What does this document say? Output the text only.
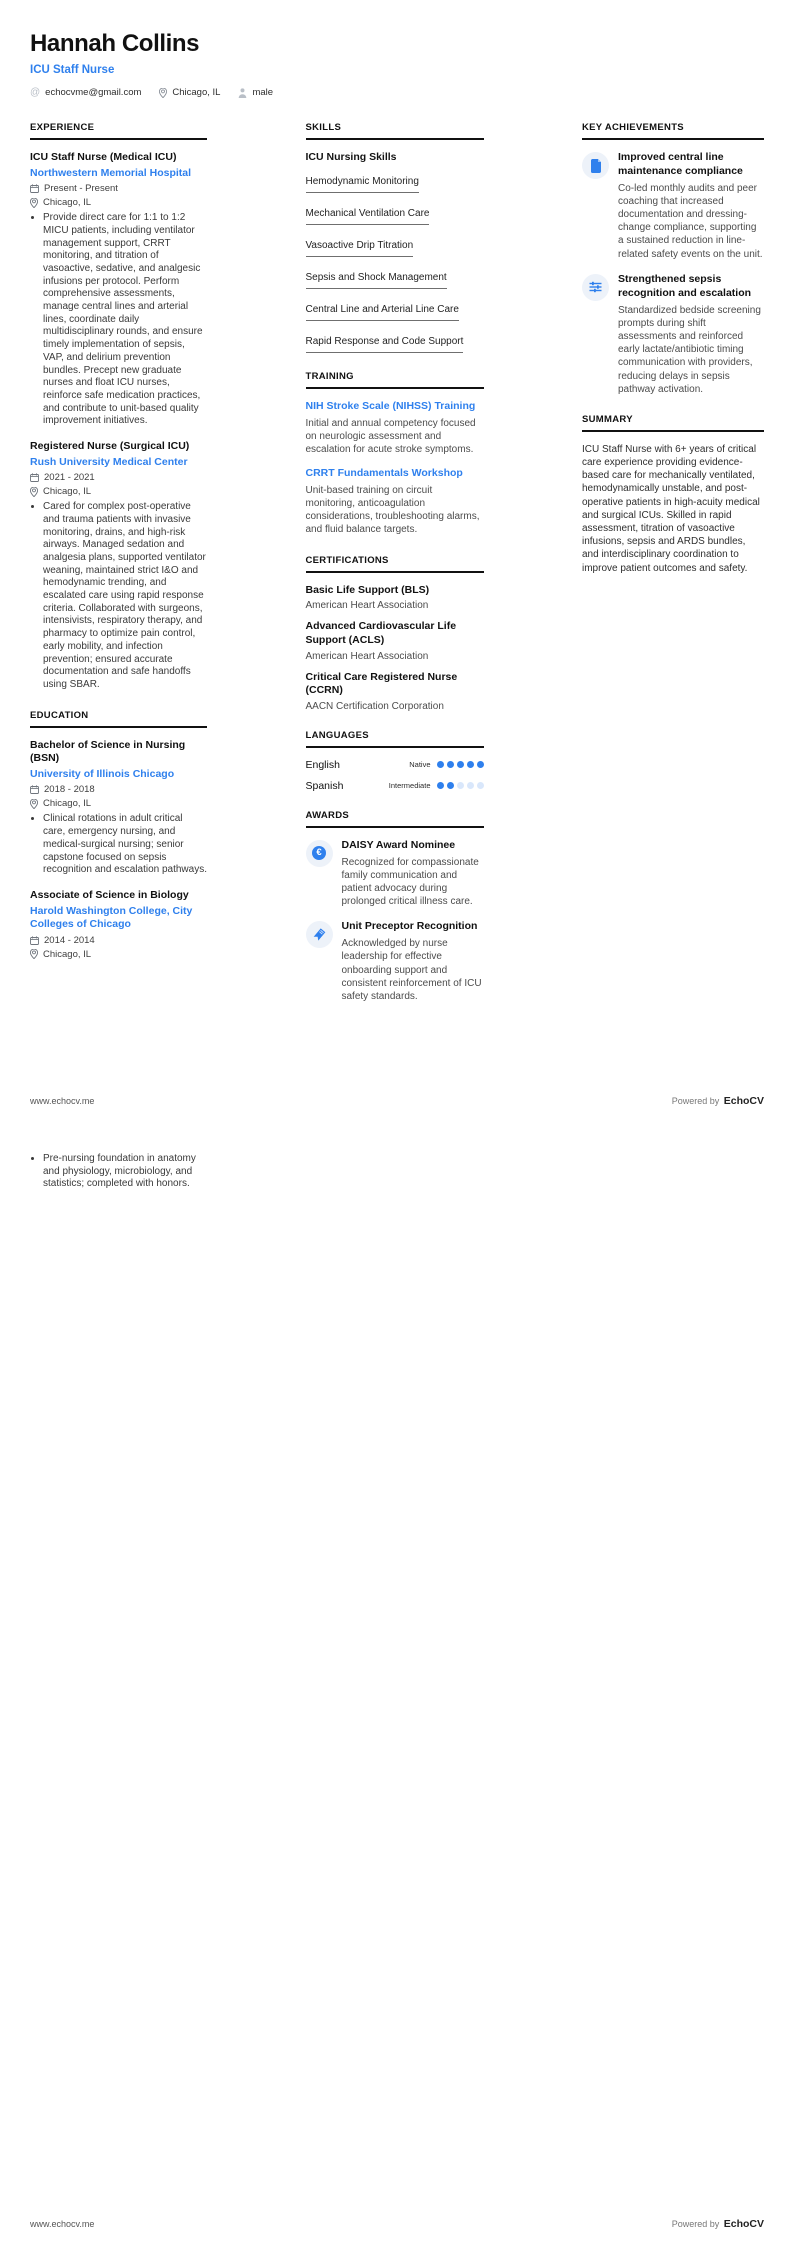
Hannah Collins
ICU Staff Nurse
@ echocvme@gmail.com	Chicago, IL	male
EXPERIENCE
ICU Staff Nurse (Medical ICU)
Northwestern Memorial Hospital
Present - Present
Chicago, IL
• Provide direct care for 1:1 to 1:2 MICU patients, including ventilator management support, CRRT monitoring, and titration of vasoactive, sedative, and analgesic infusions per protocol. Perform comprehensive assessments, manage central lines and arterial lines, coordinate daily multidisciplinary rounds, and ensure timely implementation of sepsis, VAP, and delirium prevention bundles. Precept new graduate nurses and float ICU nurses, reinforce safe medication practices, and contribute to unit-based quality improvement initiatives.
Registered Nurse (Surgical ICU)
Rush University Medical Center
2021 - 2021
Chicago, IL
• Cared for complex post-operative and trauma patients with invasive monitoring, drains, and high-risk airways. Managed sedation and analgesia plans, supported ventilator weaning, maintained strict I&O and hemodynamic trending, and escalated care using rapid response criteria. Collaborated with surgeons, intensivists, respiratory therapy, and pharmacy to optimize pain control, early mobility, and infection prevention; ensured accurate documentation and safe handoffs using SBAR.
EDUCATION
Bachelor of Science in Nursing (BSN)
University of Illinois Chicago
2018 - 2018
Chicago, IL
• Clinical rotations in adult critical care, emergency nursing, and medical-surgical nursing; senior capstone focused on sepsis recognition and escalation pathways.
Associate of Science in Biology
Harold Washington College, City Colleges of Chicago
2014 - 2014
Chicago, IL
SKILLS
ICU Nursing Skills
Hemodynamic Monitoring
Mechanical Ventilation Care
Vasoactive Drip Titration
Sepsis and Shock Management
Central Line and Arterial Line Care
Rapid Response and Code Support
TRAINING
NIH Stroke Scale (NIHSS) Training
Initial and annual competency focused on neurologic assessment and escalation for acute stroke symptoms.
CRRT Fundamentals Workshop
Unit-based training on circuit monitoring, anticoagulation considerations, troubleshooting alarms, and fluid balance targets.
CERTIFICATIONS
Basic Life Support (BLS)
American Heart Association
Advanced Cardiovascular Life Support (ACLS)
American Heart Association
Critical Care Registered Nurse (CCRN)
AACN Certification Corporation
LANGUAGES
English	Native
Spanish	Intermediate
AWARDS
€
DAISY Award Nominee
Recognized for compassionate family communication and patient advocacy during prolonged critical illness care.
Unit Preceptor Recognition
Acknowledged by nurse leadership for effective onboarding support and consistent reinforcement of ICU safety standards.
KEY ACHIEVEMENTS
Improved central line maintenance compliance
Co-led monthly audits and peer coaching that increased documentation and dressing-change compliance, supporting a sustained reduction in line-related safety events on the unit.
Strengthened sepsis recognition and escalation
Standardized bedside screening prompts during shift assessments and reinforced early lactate/antibiotic timing communication with providers, reducing delays in sepsis pathway activation.
SUMMARY
ICU Staff Nurse with 6+ years of critical care experience providing evidence-based care for mechanically ventilated, hemodynamically unstable, and post-operative patients in high-acuity medical and surgical ICUs. Skilled in rapid assessment, titration of vasoactive infusions, sepsis and ARDS bundles, and interdisciplinary coordination to improve patient outcomes and safety.
www.echocv.me	Powered by EchoCV
• Pre-nursing foundation in anatomy and physiology, microbiology, and statistics; completed with honors.
www.echocv.me	Powered by EchoCV
